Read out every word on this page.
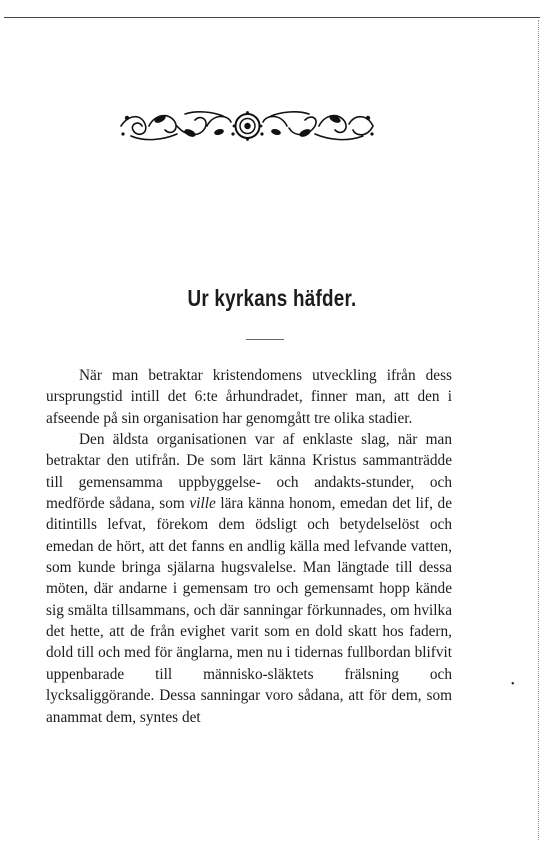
Ur kyrkans häfder.

När man betraktar kristendomens utveckling ifrån dess ursprungstid intill det 6:te århundradet, finner man, att den i afseende på sin organisation har genomgått tre olika stadier.

Den äldsta organisationen var af enklaste slag, när man betraktar den utifrån. De som lärt känna Kristus sammanträdde till gemensamma uppbyggelse- och andakts-stunder, och medförde sådana, som ville lära känna honom, emedan det lif, de ditintills lefvat, förekom dem ödsligt och betydelselöst och emedan de hört, att det fanns en andlig källa med lefvande vatten, som kunde bringa själarna hugsvalelse. Man längtade till dessa möten, där andarne i gemensam tro och gemensamt hopp kände sig smälta tillsammans, och där sanningar förkunnades, om hvilka det hette, att de från evighet varit som en dold skatt hos fadern, dold till och med för änglarna, men nu i tidernas fullbordan blifvit uppenbarade till människo-släktets frälsning och lycksaliggörande. Dessa sanningar voro sådana, att för dem, som anammat dem, syntes det

•
